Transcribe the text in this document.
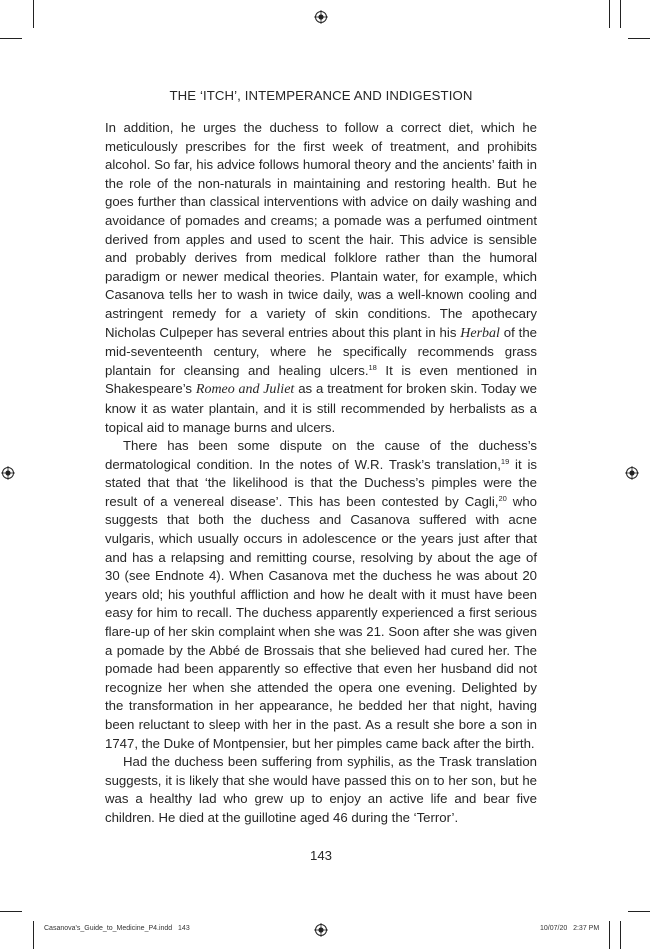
THE ‘ITCH’, INTEMPERANCE AND INDIGESTION

In addition, he urges the duchess to follow a correct diet, which he meticulously prescribes for the first week of treatment, and prohibits alcohol. So far, his advice follows humoral theory and the ancients’ faith in the role of the non-naturals in maintaining and restoring health. But he goes further than classical interventions with advice on daily washing and avoidance of pomades and creams; a pomade was a perfumed ointment derived from apples and used to scent the hair. This advice is sensible and probably derives from medical folklore rather than the humoral paradigm or newer medical theories. Plantain water, for example, which Casanova tells her to wash in twice daily, was a well-known cooling and astringent remedy for a variety of skin conditions. The apothecary Nicholas Culpeper has several entries about this plant in his Herbal of the mid-seventeenth century, where he specifically recommends grass plantain for cleansing and healing ulcers.$^{18}$ It is even mentioned in Shakespeare’s Romeo and Juliet as a treatment for broken skin. Today we know it as water plantain, and it is still recommended by herbalists as a topical aid to manage burns and ulcers.

There has been some dispute on the cause of the duchess’s dermatological condition. In the notes of W.R. Trask’s translation,$^{19}$ it is stated that that ‘the likelihood is that the Duchess’s pimples were the result of a venereal disease’. This has been contested by Cagli,$^{20}$ who suggests that both the duchess and Casanova suffered with acne vulgaris, which usually occurs in adolescence or the years just after that and has a relapsing and remitting course, resolving by about the age of 30 (see Endnote 4). When Casanova met the duchess he was about 20 years old; his youthful affliction and how he dealt with it must have been easy for him to recall. The duchess apparently experienced a first serious flare-up of her skin complaint when she was 21. Soon after she was given a pomade by the Abbé de Brossais that she believed had cured her. The pomade had been apparently so effective that even her husband did not recognize her when she attended the opera one evening. Delighted by the transformation in her appearance, he bedded her that night, having been reluctant to sleep with her in the past. As a result she bore a son in 1747, the Duke of Montpensier, but her pimples came back after the birth.

Had the duchess been suffering from syphilis, as the Trask translation suggests, it is likely that she would have passed this on to her son, but he was a healthy lad who grew up to enjoy an active life and bear five children. He died at the guillotine aged 46 during the ‘Terror’.

143
Casanova's_Guide_to_Medicine_P4.indd   143	10/07/20   2:37 PM
